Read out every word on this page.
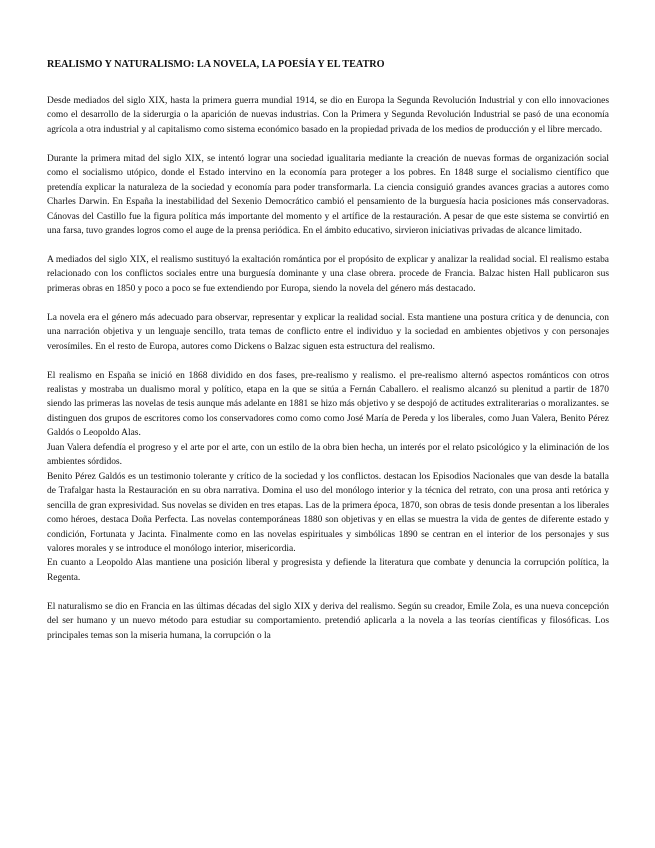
REALISMO Y NATURALISMO: LA NOVELA, LA POESÍA Y EL TEATRO

Desde mediados del siglo XIX, hasta la primera guerra mundial 1914, se dio en Europa la Segunda Revolución Industrial y con ello innovaciones como el desarrollo de la siderurgia o la aparición de nuevas industrias. Con la Primera y Segunda Revolución Industrial se pasó de una economía agrícola a otra industrial y al capitalismo como sistema económico basado en la propiedad privada de los medios de producción y el libre mercado.

Durante la primera mitad del siglo XIX, se intentó lograr una sociedad igualitaria mediante la creación de nuevas formas de organización social como el socialismo utópico, donde el Estado intervino en la economía para proteger a los pobres. En 1848 surge el socialismo científico que pretendía explicar la naturaleza de la sociedad y economía para poder transformarla. La ciencia consiguió grandes avances gracias a autores como Charles Darwin. En España la inestabilidad del Sexenio Democrático cambió el pensamiento de la burguesía hacia posiciones más conservadoras. Cánovas del Castillo fue la figura política más importante del momento y el artífice de la restauración. A pesar de que este sistema se convirtió en una farsa, tuvo grandes logros como el auge de la prensa periódica. En el ámbito educativo, sirvieron iniciativas privadas de alcance limitado.

A mediados del siglo XIX, el realismo sustituyó la exaltación romántica por el propósito de explicar y analizar la realidad social. El realismo estaba relacionado con los conflictos sociales entre una burguesía dominante y una clase obrera. procede de Francia. Balzac histen Hall publicaron sus primeras obras en 1850 y poco a poco se fue extendiendo por Europa, siendo la novela del género más destacado.

La novela era el género más adecuado para observar, representar y explicar la realidad social. Esta mantiene una postura crítica y de denuncia, con una narración objetiva y un lenguaje sencillo, trata temas de conflicto entre el individuo y la sociedad en ambientes objetivos y con personajes verosímiles. En el resto de Europa, autores como Dickens o Balzac siguen esta estructura del realismo.

El realismo en España se inició en 1868 dividido en dos fases, pre-realismo y realismo. el pre-realismo alternó aspectos románticos con otros realistas y mostraba un dualismo moral y político, etapa en la que se sitúa a Fernán Caballero. el realismo alcanzó su plenitud a partir de 1870 siendo las primeras las novelas de tesis aunque más adelante en 1881 se hizo más objetivo y se despojó de actitudes extraliterarias o moralizantes. se distinguen dos grupos de escritores como los conservadores como como como José María de Pereda y los liberales, como Juan Valera, Benito Pérez Galdós o Leopoldo Alas.

Juan Valera defendía el progreso y el arte por el arte, con un estilo de la obra bien hecha, un interés por el relato psicológico y la eliminación de los ambientes sórdidos.

Benito Pérez Galdós es un testimonio tolerante y crítico de la sociedad y los conflictos. destacan los Episodios Nacionales que van desde la batalla de Trafalgar hasta la Restauración en su obra narrativa. Domina el uso del monólogo interior y la técnica del retrato, con una prosa anti retórica y sencilla de gran expresividad. Sus novelas se dividen en tres etapas. Las de la primera época, 1870, son obras de tesis donde presentan a los liberales como héroes, destaca Doña Perfecta. Las novelas contemporáneas 1880 son objetivas y en ellas se muestra la vida de gentes de diferente estado y condición, Fortunata y Jacinta. Finalmente como en las novelas espirituales y simbólicas 1890 se centran en el interior de los personajes y sus valores morales y se introduce el monólogo interior, misericordia.

En cuanto a Leopoldo Alas mantiene una posición liberal y progresista y defiende la literatura que combate y denuncia la corrupción política, la Regenta.

El naturalismo se dio en Francia en las últimas décadas del siglo XIX y deriva del realismo. Según su creador, Emile Zola, es una nueva concepción del ser humano y un nuevo método para estudiar su comportamiento. pretendió aplicarla a la novela a las teorías científicas y filosóficas. Los principales temas son la miseria humana, la corrupción o la
